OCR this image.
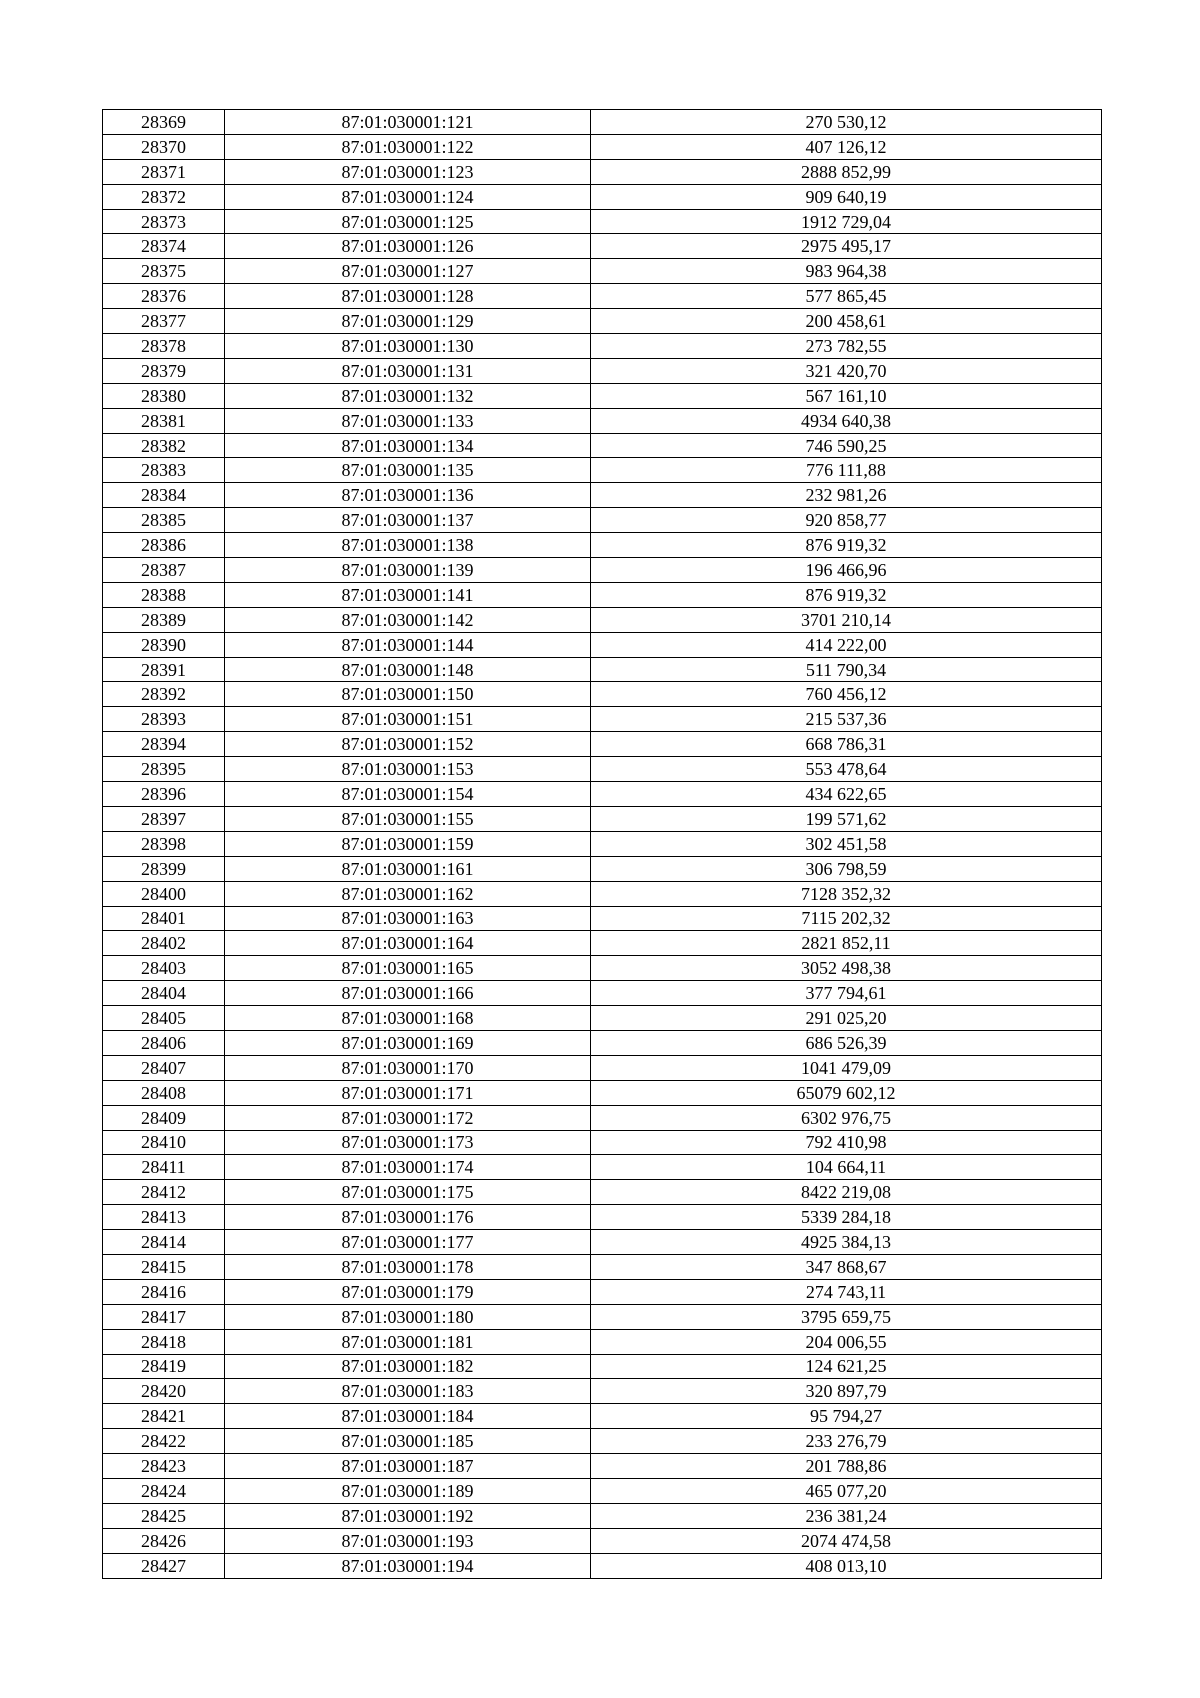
28369	87:01:030001:121	270 530,12
28370	87:01:030001:122	407 126,12
28371	87:01:030001:123	2888 852,99
28372	87:01:030001:124	909 640,19
28373	87:01:030001:125	1912 729,04
28374	87:01:030001:126	2975 495,17
28375	87:01:030001:127	983 964,38
28376	87:01:030001:128	577 865,45
28377	87:01:030001:129	200 458,61
28378	87:01:030001:130	273 782,55
28379	87:01:030001:131	321 420,70
28380	87:01:030001:132	567 161,10
28381	87:01:030001:133	4934 640,38
28382	87:01:030001:134	746 590,25
28383	87:01:030001:135	776 111,88
28384	87:01:030001:136	232 981,26
28385	87:01:030001:137	920 858,77
28386	87:01:030001:138	876 919,32
28387	87:01:030001:139	196 466,96
28388	87:01:030001:141	876 919,32
28389	87:01:030001:142	3701 210,14
28390	87:01:030001:144	414 222,00
28391	87:01:030001:148	511 790,34
28392	87:01:030001:150	760 456,12
28393	87:01:030001:151	215 537,36
28394	87:01:030001:152	668 786,31
28395	87:01:030001:153	553 478,64
28396	87:01:030001:154	434 622,65
28397	87:01:030001:155	199 571,62
28398	87:01:030001:159	302 451,58
28399	87:01:030001:161	306 798,59
28400	87:01:030001:162	7128 352,32
28401	87:01:030001:163	7115 202,32
28402	87:01:030001:164	2821 852,11
28403	87:01:030001:165	3052 498,38
28404	87:01:030001:166	377 794,61
28405	87:01:030001:168	291 025,20
28406	87:01:030001:169	686 526,39
28407	87:01:030001:170	1041 479,09
28408	87:01:030001:171	65079 602,12
28409	87:01:030001:172	6302 976,75
28410	87:01:030001:173	792 410,98
28411	87:01:030001:174	104 664,11
28412	87:01:030001:175	8422 219,08
28413	87:01:030001:176	5339 284,18
28414	87:01:030001:177	4925 384,13
28415	87:01:030001:178	347 868,67
28416	87:01:030001:179	274 743,11
28417	87:01:030001:180	3795 659,75
28418	87:01:030001:181	204 006,55
28419	87:01:030001:182	124 621,25
28420	87:01:030001:183	320 897,79
28421	87:01:030001:184	95 794,27
28422	87:01:030001:185	233 276,79
28423	87:01:030001:187	201 788,86
28424	87:01:030001:189	465 077,20
28425	87:01:030001:192	236 381,24
28426	87:01:030001:193	2074 474,58
28427	87:01:030001:194	408 013,10
